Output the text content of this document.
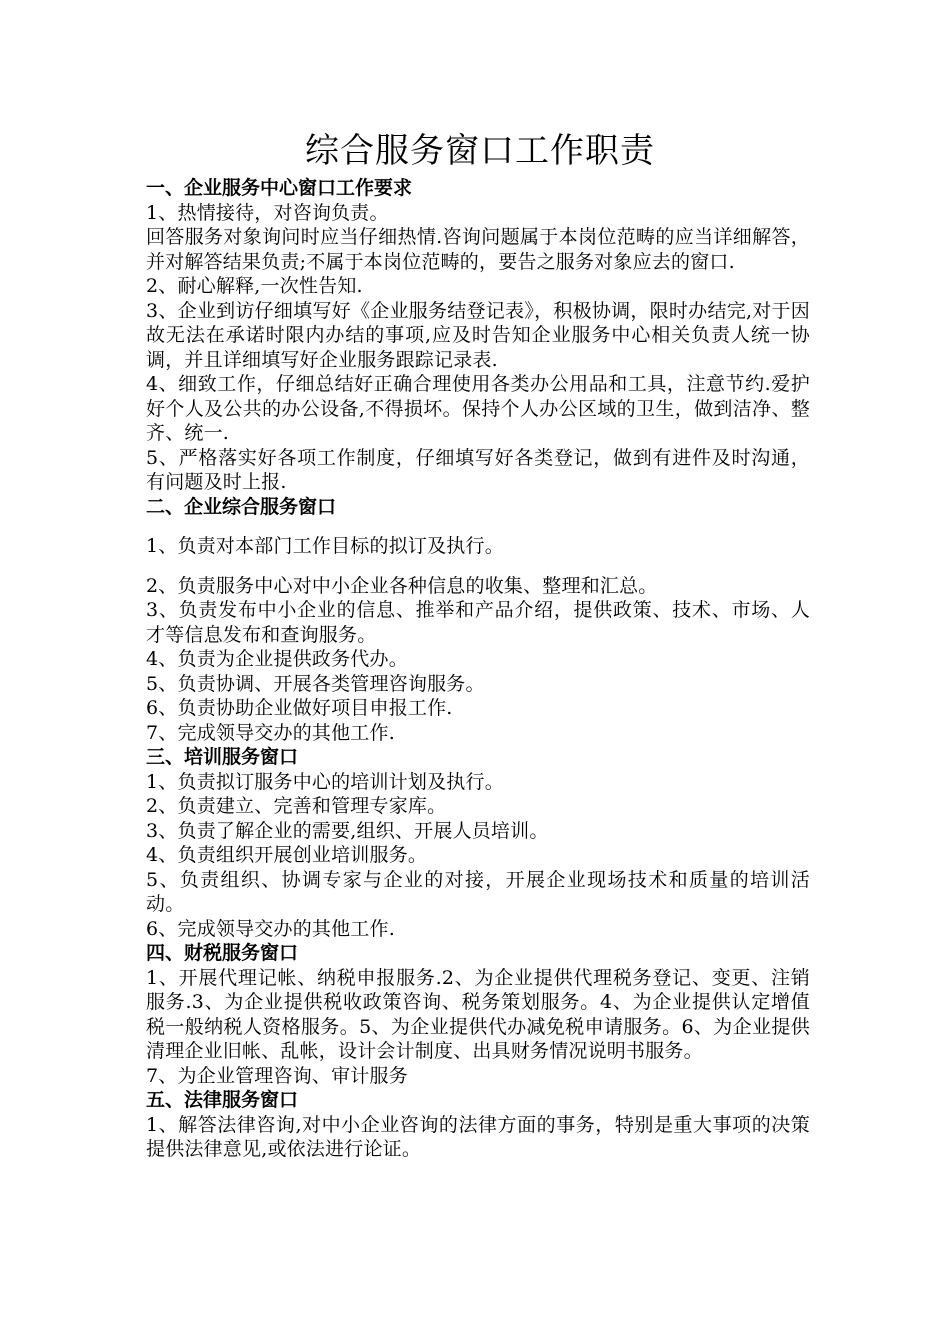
综合服务窗口工作职责

一、企业服务中心窗口工作要求

1、热情接待，对咨询负责。

回答服务对象询问时应当仔细热情.咨询问题属于本岗位范畴的应当详细解答，并对解答结果负责;不属于本岗位范畴的，要告之服务对象应去的窗口.

2、耐心解释,一次性告知.

3、企业到访仔细填写好《企业服务结登记表》，积极协调，限时办结完,对于因故无法在承诺时限内办结的事项,应及时告知企业服务中心相关负责人统一协调，并且详细填写好企业服务跟踪记录表.

4、细致工作，仔细总结好正确合理使用各类办公用品和工具，注意节约.爱护好个人及公共的办公设备,不得损坏。保持个人办公区域的卫生，做到洁净、整齐、统一.

5、严格落实好各项工作制度，仔细填写好各类登记，做到有进件及时沟通，有问题及时上报.

二、企业综合服务窗口

1、负责对本部门工作目标的拟订及执行。

2、负责服务中心对中小企业各种信息的收集、整理和汇总。

3、负责发布中小企业的信息、推举和产品介绍，提供政策、技术、市场、人才等信息发布和查询服务。

4、负责为企业提供政务代办。

5、负责协调、开展各类管理咨询服务。

6、负责协助企业做好项目申报工作.

7、完成领导交办的其他工作.

三、培训服务窗口

1、负责拟订服务中心的培训计划及执行。

2、负责建立、完善和管理专家库。

3、负责了解企业的需要,组织、开展人员培训。

4、负责组织开展创业培训服务。

5、负责组织、协调专家与企业的对接，开展企业现场技术和质量的培训活动。

6、完成领导交办的其他工作.

四、财税服务窗口

1、开展代理记帐、纳税申报服务.2、为企业提供代理税务登记、变更、注销服务.3、为企业提供税收政策咨询、税务策划服务。4、为企业提供认定增值税一般纳税人资格服务。5、为企业提供代办减免税申请服务。6、为企业提供清理企业旧帐、乱帐，设计会计制度、出具财务情况说明书服务。

7、为企业管理咨询、审计服务

五、法律服务窗口

1、解答法律咨询,对中小企业咨询的法律方面的事务，特别是重大事项的决策提供法律意见,或依法进行论证。
